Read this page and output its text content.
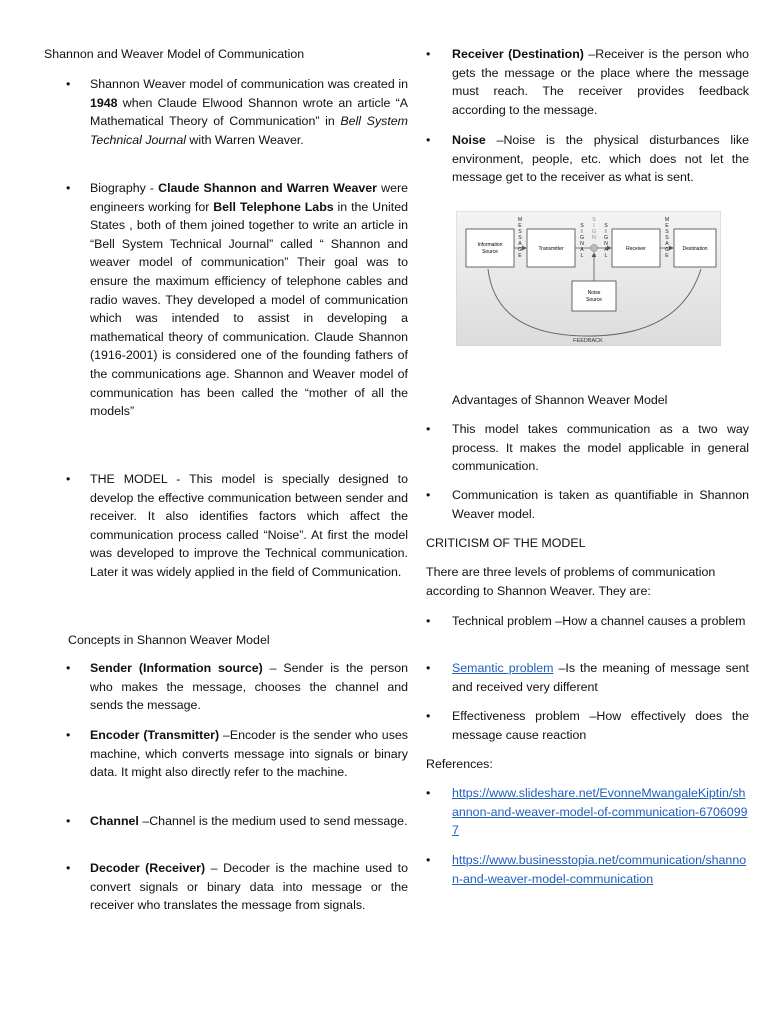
Shannon and Weaver Model of Communication
• Shannon Weaver model of communication was created in 1948 when Claude Elwood Shannon wrote an article “A Mathematical Theory of Communication” in Bell System Technical Journal with Warren Weaver.
• Biography - Claude Shannon and Warren Weaver were engineers working for Bell Telephone Labs in the United States , both of them joined together to write an article in “Bell System Technical Journal” called “ Shannon and weaver model of communication” Their goal was to ensure the maximum efficiency of telephone cables and radio waves. They developed a model of communication which was intended to assist in developing a mathematical theory of communication. Claude Shannon (1916-2001) is considered one of the founding fathers of the communications age. Shannon and Weaver model of communication has been called the “mother of all the models”
• THE MODEL - This model is specially designed to develop the effective communication between sender and receiver. It also identifies factors which affect the communication process called “Noise”. At first the model was developed to improve the Technical communication. Later it was widely applied in the field of Communication.
Concepts in Shannon Weaver Model
• Sender (Information source) – Sender is the person who makes the message, chooses the channel and sends the message.
• Encoder (Transmitter) –Encoder is the sender who uses machine, which converts message into signals or binary data. It might also directly refer to the machine.
• Channel –Channel is the medium used to send message.
• Decoder (Receiver) – Decoder is the machine used to convert signals or binary data into message or the receiver who translates the message from signals.
• Receiver (Destination) –Receiver is the person who gets the message or the place where the message must reach. The receiver provides feedback according to the message.
• Noise –Noise is the physical disturbances like environment, people, etc. which does not let the message get to the receiver as what is sent.
Advantages of Shannon Weaver Model
• This model takes communication as a two way process. It makes the model applicable in general communication.
• Communication is taken as quantifiable in Shannon Weaver model.
CRITICISM OF THE MODEL
There are three levels of problems of communication according to Shannon Weaver. They are:
• Technical problem –How a channel causes a problem
• Semantic problem –Is the meaning of message sent and received very different
• Effectiveness problem –How effectively does the message cause reaction
References:
• https://www.slideshare.net/EvonneMwangaleKiptin/shannon-and-weaver-model-of-communication-67060997
• https://www.businesstopia.net/communication/shannon-and-weaver-model-communication
FEEDBACK
Information
Source	Transmitter	Receiver	Destination
Noise
Source
M
E
S
S
A
G
E
S
I
G
N
A
L
S
I
G
N
S
I
G
N
A
L
M
E
S
S
A
G
E
